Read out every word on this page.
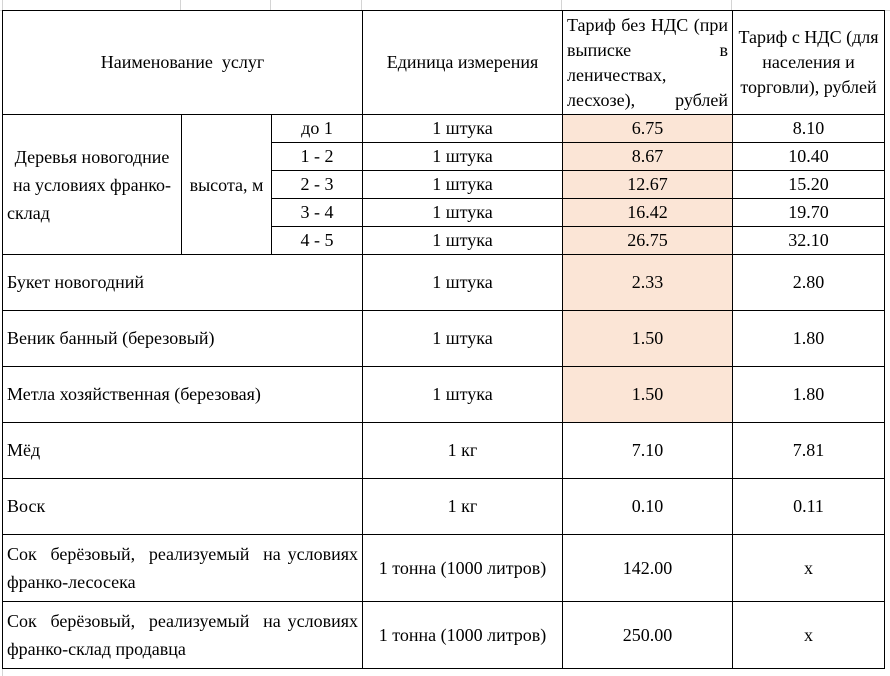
Наименование  услуг			Единица измерения	Тариф без НДС (при выписке в леничествах, лесхозе), рублей	Тариф с НДС (для населения и торговли), рублей
Деревья новогодние на условиях франко-склад	высота, м	до 1	1 штука	6.75	8.10
		1 - 2	1 штука	8.67	10.40
		2 - 3	1 штука	12.67	15.20
		3 - 4	1 штука	16.42	19.70
		4 - 5	1 штука	26.75	32.10
Букет новогодний			1 штука	2.33	2.80
Веник банный (березовый)			1 штука	1.50	1.80
Метла хозяйственная (березовая)			1 штука	1.50	1.80
Мёд			1 кг	7.10	7.81
Воск			1 кг	0.10	0.11
Сок  берёзовый,  реализуемый  на условиях  франко-лесосека			1 тонна (1000 литров)	142.00	х
Сок  берёзовый,  реализуемый  на условиях  франко-склад продавца			1 тонна (1000 литров)	250.00	х
